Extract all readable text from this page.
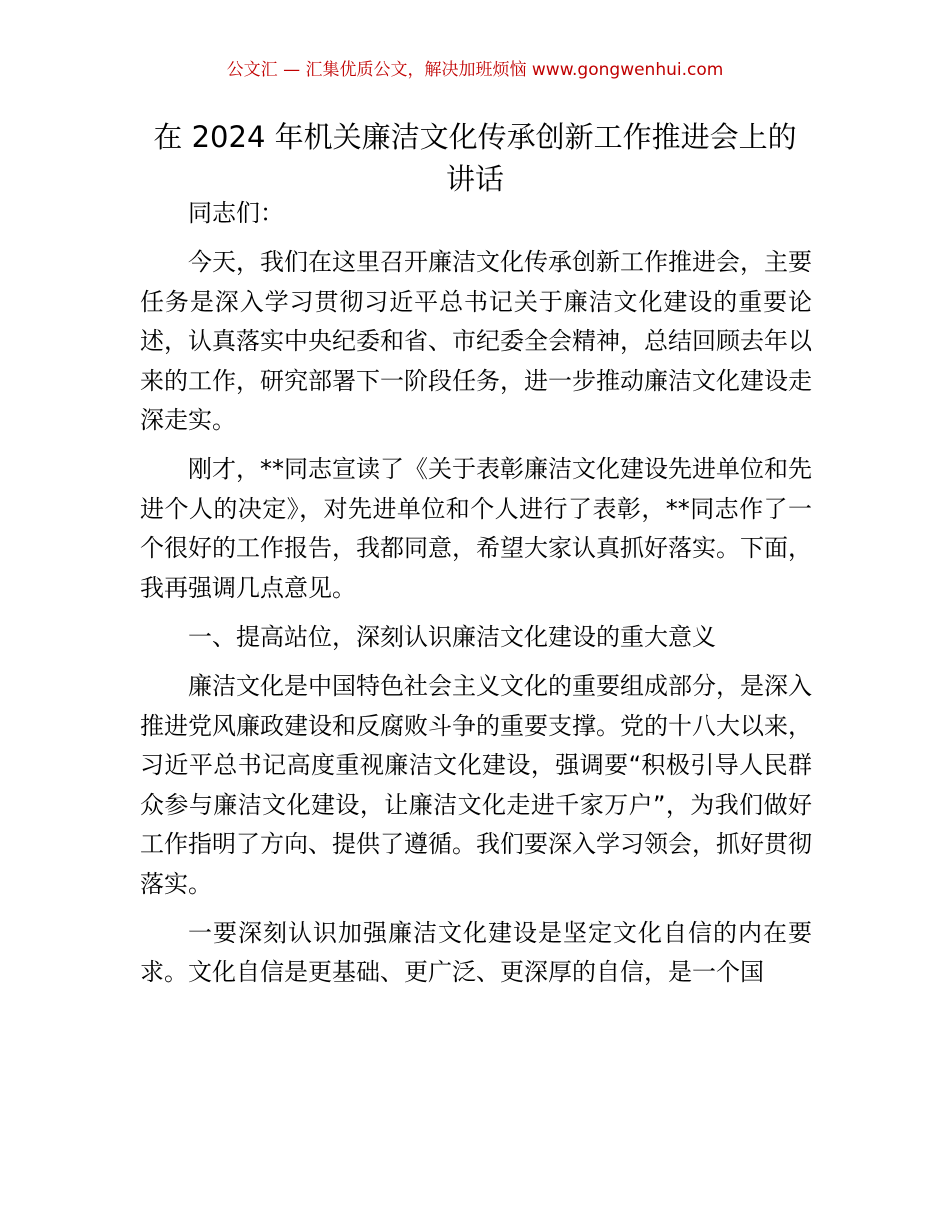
公文汇 — 汇集优质公文，解决加班烦恼 www.gongwenhui.com
在 2024 年机关廉洁文化传承创新工作推进会上的讲话

同志们：

今天，我们在这里召开廉洁文化传承创新工作推进会，主要任务是深入学习贯彻习近平总书记关于廉洁文化建设的重要论述，认真落实中央纪委和省、市纪委全会精神，总结回顾去年以来的工作，研究部署下一阶段任务，进一步推动廉洁文化建设走深走实。

刚才，**同志宣读了《关于表彰廉洁文化建设先进单位和先进个人的决定》，对先进单位和个人进行了表彰，**同志作了一个很好的工作报告，我都同意，希望大家认真抓好落实。下面，我再强调几点意见。

一、提高站位，深刻认识廉洁文化建设的重大意义

廉洁文化是中国特色社会主义文化的重要组成部分，是深入推进党风廉政建设和反腐败斗争的重要支撑。党的十八大以来，习近平总书记高度重视廉洁文化建设，强调要“积极引导人民群众参与廉洁文化建设，让廉洁文化走进千家万户”，为我们做好工作指明了方向、提供了遵循。我们要深入学习领会，抓好贯彻落实。

一要深刻认识加强廉洁文化建设是坚定文化自信的内在要求。文化自信是更基础、更广泛、更深厚的自信，是一个国
